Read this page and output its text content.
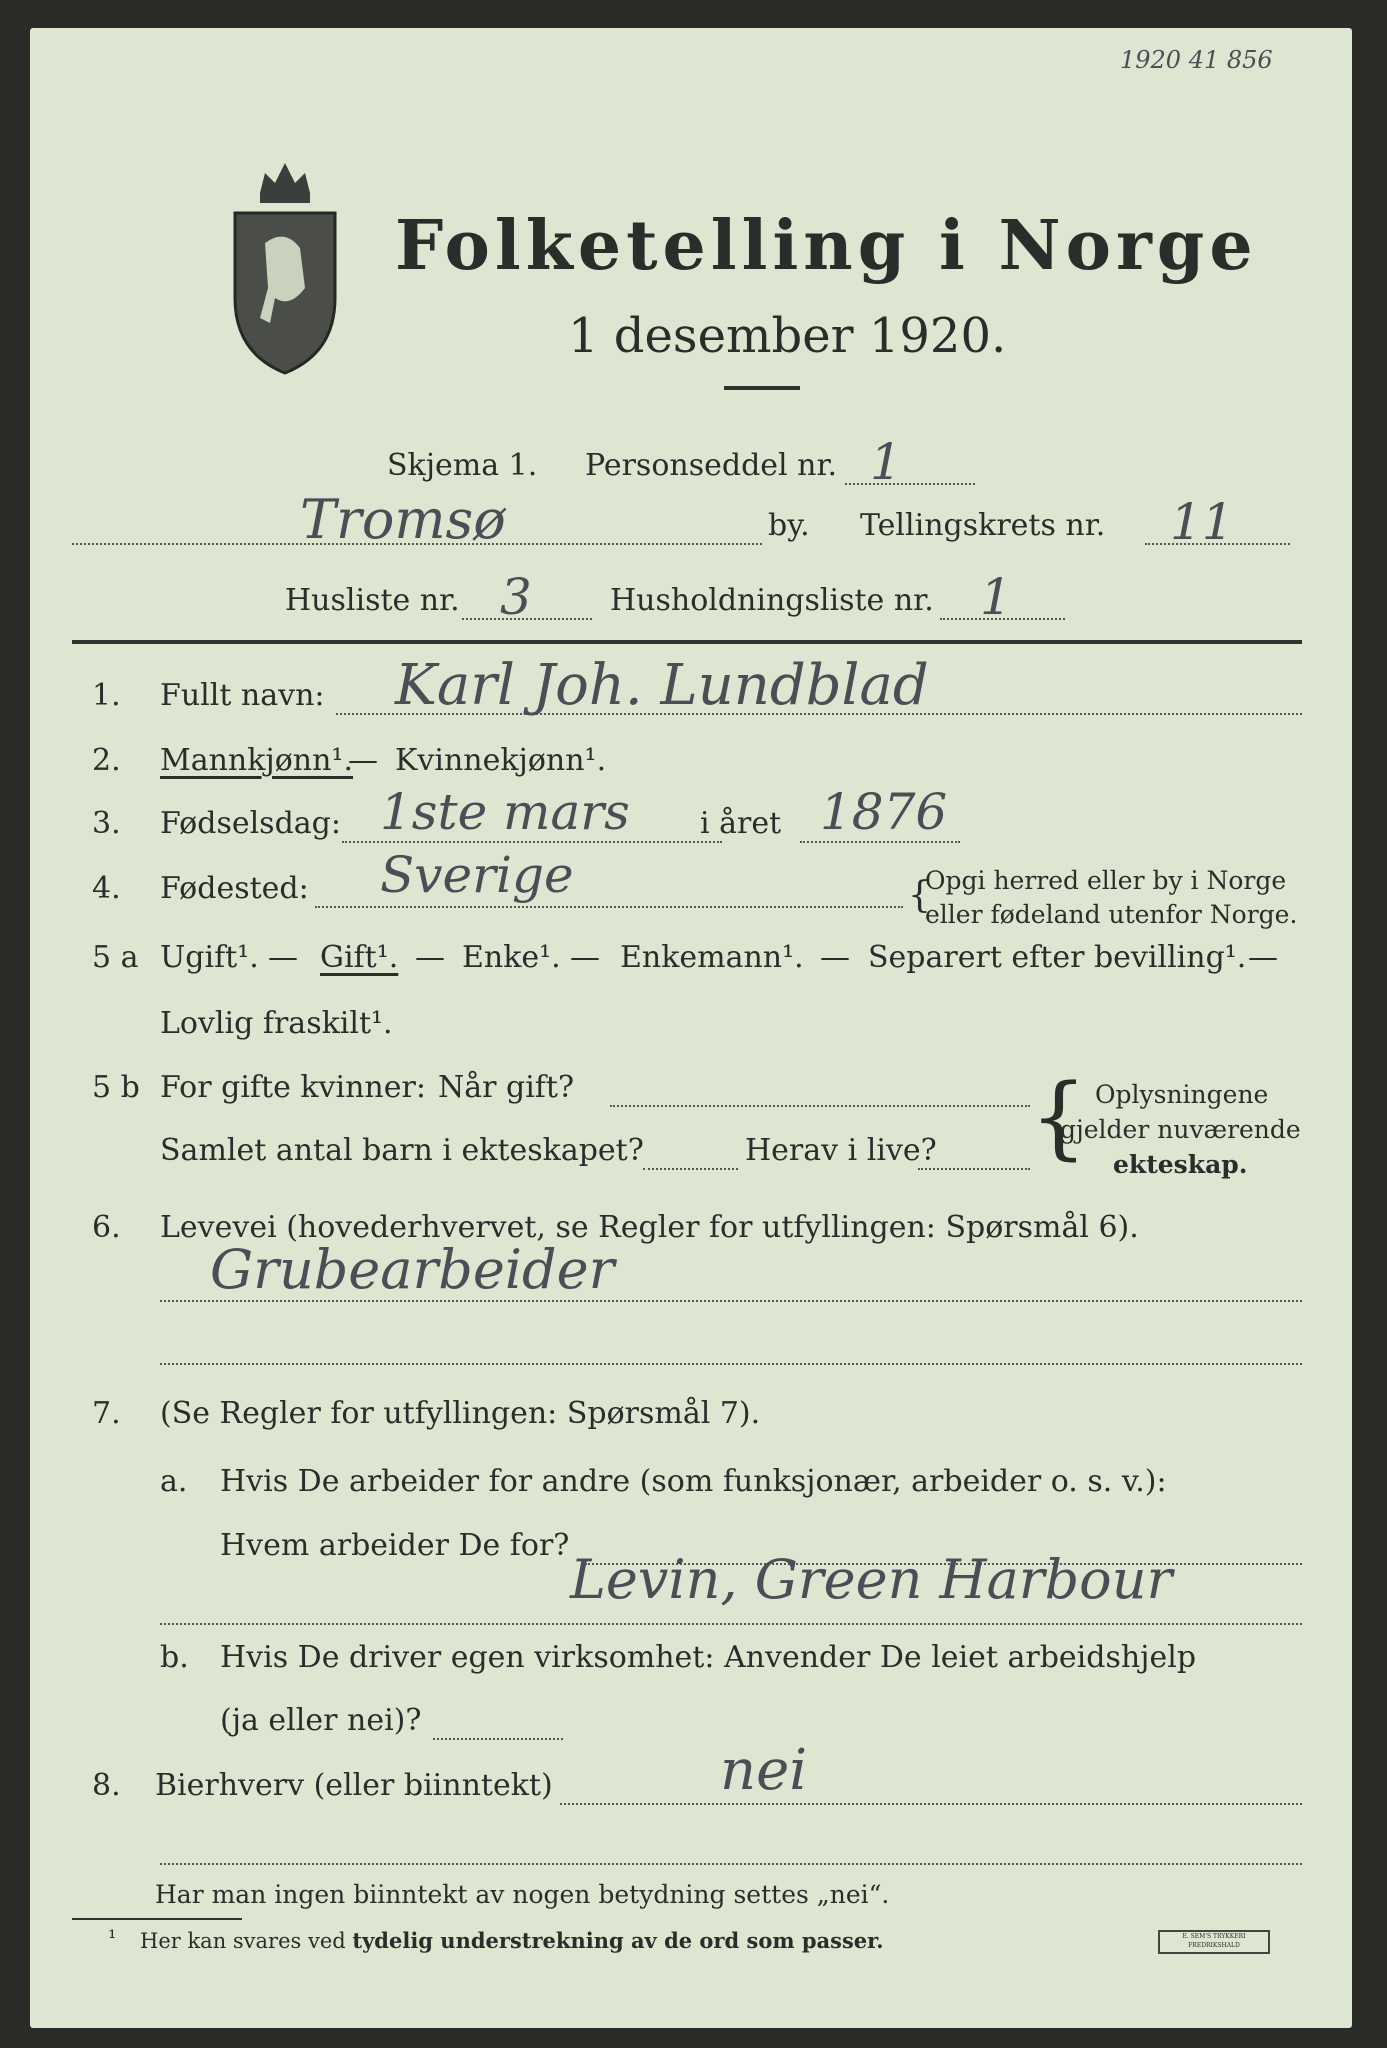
1920 41 856
Folketelling i Norge
1 desember 1920.
Skjema 1. Personseddel nr. 1
Tromsø	by. Tellingskrets nr. 11
Husliste nr. 3	Husholdningsliste nr. 1
1. Fullt navn: Karl Joh. Lundblad
2. Mannkjønn¹.
— Kvinnekjønn¹.
3. Fødselsdag: 1ste mars i året 1876
4. Fødested: Sverige	{
Opgi herred eller by i Norge
eller fødeland utenfor Norge.
5 a Ugift¹. — Gift¹. — Enke¹. — Enkemann¹. — Separert efter bevilling¹. —
Lovlig fraskilt¹.
5 b For gifte kvinner: Når gift?
Samlet antal barn i ekteskapet?	Herav i live? { Oplysningene
gjelder nuværende
ekteskap.
6. Levevei (hovederhvervet, se Regler for utfyllingen: Spørsmål 6).
Grubearbeider
7. (Se Regler for utfyllingen: Spørsmål 7).
a. Hvis De arbeider for andre (som funksjonær, arbeider o. s. v.):
Hvem arbeider De for?
Levin, Green Harbour
b. Hvis De driver egen virksomhet: Anvender De leiet arbeidshjelp
(ja eller nei)?
8. Bierhverv (eller biinntekt)	nei
Har man ingen biinntekt av nogen betydning settes „nei“.
¹ Her kan svares ved tydelig understrekning av de ord som passer.	E. SEM'S TRYKKERI FREDRIKSHALD
